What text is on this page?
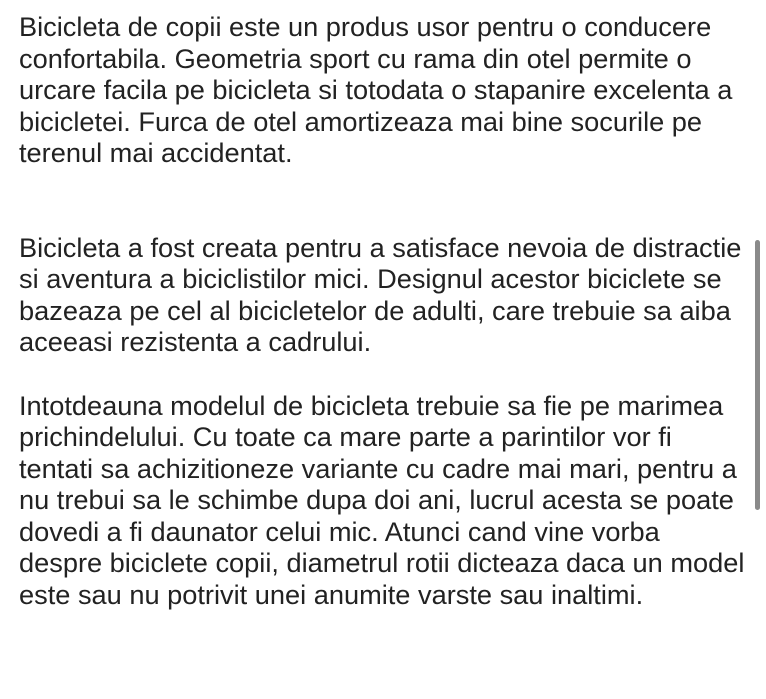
Bicicleta de copii este un produs usor pentru o conducere confortabila. Geometria sport cu rama din otel permite o urcare facila pe bicicleta si totodata o stapanire excelenta a bicicletei. Furca de otel amortizeaza mai bine socurile pe terenul mai accidentat.

Bicicleta a fost creata pentru a satisface nevoia de distractie si aventura a biciclistilor mici. Designul acestor biciclete se bazeaza pe cel al bicicletelor de adulti, care trebuie sa aiba aceeasi rezistenta a cadrului.

Intotdeauna modelul de bicicleta trebuie sa fie pe marimea prichindelului. Cu toate ca mare parte a parintilor vor fi tentati sa achizitioneze variante cu cadre mai mari, pentru a nu trebui sa le schimbe dupa doi ani, lucrul acesta se poate dovedi a fi daunator celui mic. Atunci cand vine vorba despre biciclete copii, diametrul rotii dicteaza daca un model este sau nu potrivit unei anumite varste sau inaltimi.
